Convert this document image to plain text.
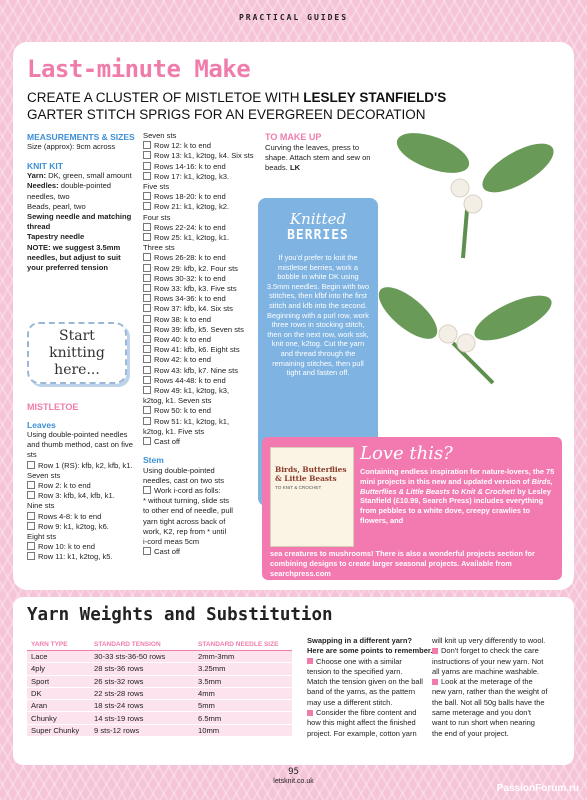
PRACTICAL GUIDES
Last-minute Make
CREATE A CLUSTER OF MISTLETOE WITH LESLEY STANFIELD'S
GARTER STITCH SPRIGS FOR AN EVERGREEN DECORATION
MEASUREMENTS & SIZES
Size (approx): 9cm across
KNIT KIT
Yarn: DK, green, small amount
Needles: double-pointed needles, two
Beads, pearl, two
Sewing needle and matching thread
Tapestry needle
NOTE: we suggest 3.5mm needles, but adjust to suit your preferred tension
Start knitting here...
MISTLETOE
Leaves
Using double-pointed needles and thumb method, cast on five sts
Row 1 (RS): kfb, k2, kfb, k1.
Seven sts
Row 2: k to end
Row 3: kfb, k4, kfb, k1.
Nine sts
Rows 4-8: k to end
Row 9: k1, k2tog, k6.
Eight sts
Row 10: k to end
Row 11: k1, k2tog, k5.
Seven sts
Row 12: k to end
Row 13: k1, k2tog, k4. Six sts
Rows 14-16: k to end
Row 17: k1, k2tog, k3.
Five sts
Rows 18-20: k to end
Row 21: k1, k2tog, k2.
Four sts
Rows 22-24: k to end
Row 25: k1, k2tog, k1.
Three sts
Rows 26-28: k to end
Row 29: kfb, k2. Four sts
Rows 30-32: k to end
Row 33: kfb, k3. Five sts
Rows 34-36: k to end
Row 37: kfb, k4. Six sts
Row 38: k to end
Row 39: kfb, k5. Seven sts
Row 40: k to end
Row 41: kfb, k6. Eight sts
Row 42: k to end
Row 43: kfb, k7. Nine sts
Rows 44-48: k to end
Row 49: k1, k2tog, k3,
k2tog, k1. Seven sts
Row 50: k to end
Row 51: k1, k2tog, k1,
k2tog, k1. Five sts
Cast off
Stem
Using double-pointed
needles, cast on two sts
Work i-cord as folls:
* without turning, slide sts
to other end of needle, pull
yarn tight across back of
work, K2, rep from * until
i-cord meas 5cm
Cast off
TO MAKE UP
Curving the leaves, press to shape. Attach stem and sew on beads. LK
Knitted
BERRIES
If you'd prefer to knit the mistletoe berries, work a bobble in white DK using 3.5mm needles. Begin with two stitches, then kfbf into the first stitch and kfb into the second. Beginning with a purl row, work three rows in stocking stitch, then on the next row, work ssk, knit one, k2tog. Cut the yarn and thread through the remaining stitches, then pull tight and fasten off.
Birds, Butterflies & Little Beasts
TO KNIT & CROCHET
Love this?
Containing endless inspiration for nature-lovers, the 75 mini projects in this new and updated version of Birds, Butterflies & Little Beasts to Knit & Crochet! by Lesley Stanfield (£10.99, Search Press) includes everything from pebbles to a white dove, creepy crawlies to flowers, and
sea creatures to mushrooms! There is also a wonderful projects section for combining designs to create larger seasonal projects. Available from searchpress.com
Yarn Weights and Substitution
YARN TYPE	STANDARD TENSION	STANDARD NEEDLE SIZE
Lace	30-33 sts-36-50 rows	2mm-3mm
4ply	28 sts-36 rows	3.25mm
Sport	26 sts-32 rows	3.5mm
DK	22 sts-28 rows	4mm
Aran	18 sts-24 rows	5mm
Chunky	14 sts-19 rows	6.5mm
Super Chunky	9 sts-12 rows	10mm
Swapping in a different yarn?
Here are some points to remember.
Choose one with a similar
tension to the specified yarn.
Match the tension given on the ball
band of the yarns, as the pattern
may use a different stitch.
Consider the fibre content and
how this might affect the finished
project. For example, cotton yarn
will knit up very differently to wool.
Don't forget to check the care
instructions of your new yarn. Not
all yarns are machine washable.
Look at the meterage of the
new yarn, rather than the weight of
the ball. Not all 50g balls have the
same meterage and you don't
want to run short when nearing
the end of your project.
95
letsknit.co.uk
PassionForum.ru
